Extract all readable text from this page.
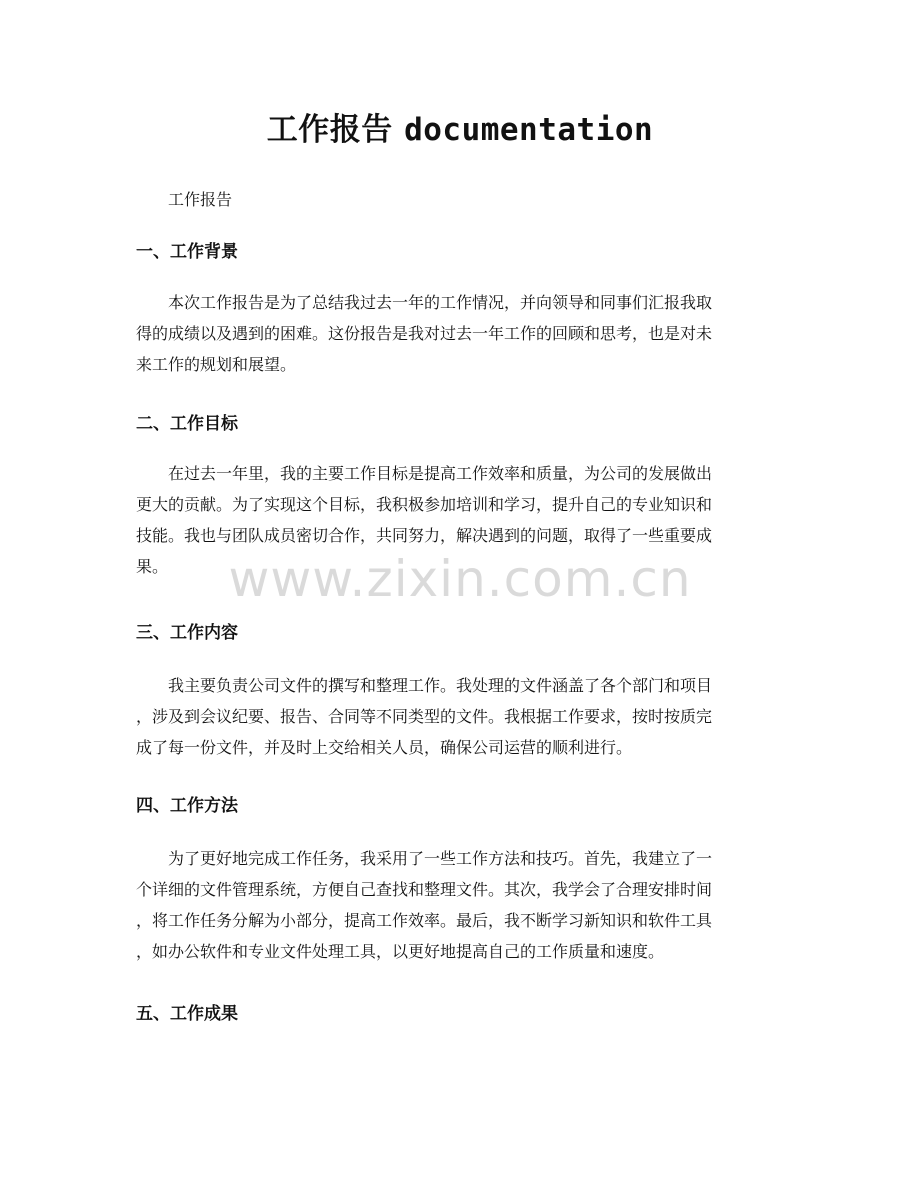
工作报告 documentation

工作报告

一、工作背景

本次工作报告是为了总结我过去一年的工作情况，并向领导和同事们汇报我取
得的成绩以及遇到的困难。这份报告是我对过去一年工作的回顾和思考，也是对未
来工作的规划和展望。

二、工作目标

在过去一年里，我的主要工作目标是提高工作效率和质量，为公司的发展做出
更大的贡献。为了实现这个目标，我积极参加培训和学习，提升自己的专业知识和
技能。我也与团队成员密切合作，共同努力，解决遇到的问题，取得了一些重要成
果。

三、工作内容

我主要负责公司文件的撰写和整理工作。我处理的文件涵盖了各个部门和项目
，涉及到会议纪要、报告、合同等不同类型的文件。我根据工作要求，按时按质完
成了每一份文件，并及时上交给相关人员，确保公司运营的顺利进行。

四、工作方法

为了更好地完成工作任务，我采用了一些工作方法和技巧。首先，我建立了一
个详细的文件管理系统，方便自己查找和整理文件。其次，我学会了合理安排时间
，将工作任务分解为小部分，提高工作效率。最后，我不断学习新知识和软件工具
，如办公软件和专业文件处理工具，以更好地提高自己的工作质量和速度。

五、工作成果
www.zixin.com.cn
